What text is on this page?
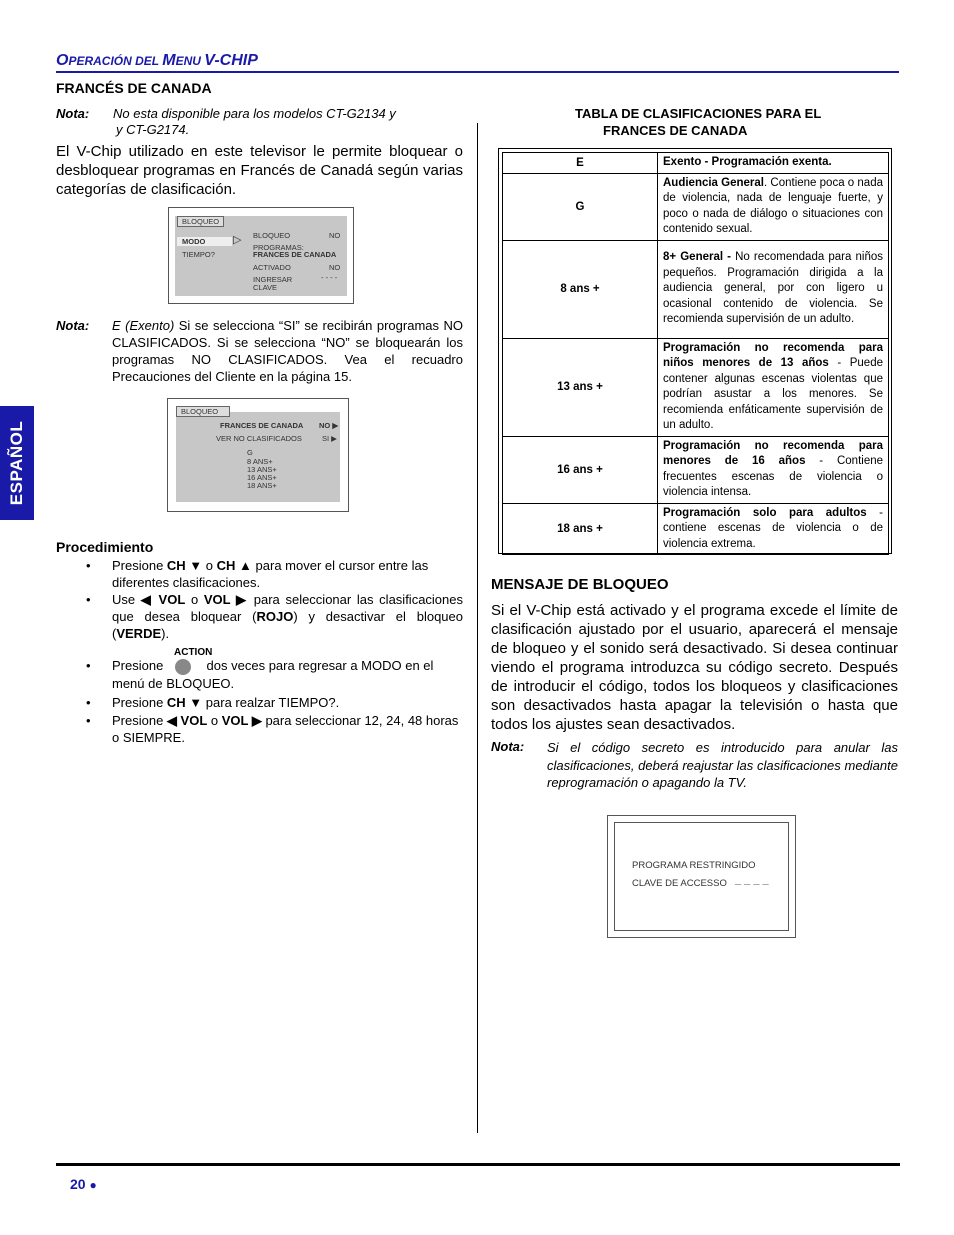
OPERACIÓN DEL MENU V-CHIP
ESPAÑOL
FRANCÉS DE CANADA
Nota: No esta disponible para los modelos CT-G2134 y
y CT-G2174.
El V-Chip utilizado en este televisor le permite bloquear o desbloquear programas en Francés de Canadá según varias categorías de clasificación.
BLOQUEO
MODO	▷
TIEMPO?
BLOQUEO	NO
PROGRAMAS:
FRANCES DE CANADA
ACTIVADO	NO
INGRESAR
CLAVE
- - - -
Nota: E (Exento) Si se selecciona “SI” se recibirán programas NO CLASIFICADOS. Si se selecciona “NO” se bloquearán los programas NO CLASIFICADOS. Vea el recuadro Precauciones del Cliente en la página 15.
BLOQUEO
FRANCES DE CANADA NO ▶
VER NO CLASIFICADOS	SI ▶
G
8 ANS+
13 ANS+
16 ANS+
18 ANS+
Procedimiento
• Presione CH ▼ o CH ▲ para mover el cursor entre las diferentes clasificaciones.
• Use ◀ VOL o VOL ▶ para seleccionar las clasificaciones que desea bloquear (ROJO) y desactivar el bloqueo (VERDE).
ACTION
• Presione	dos veces para regresar a MODO en el menú de BLOQUEO.
• Presione CH ▼ para realzar TIEMPO?.
• Presione ◀ VOL o VOL ▶ para seleccionar 12, 24, 48 horas o SIEMPRE.
TABLA DE CLASIFICACIONES PARA EL
FRANCES DE CANADA
E	Exento - Programación exenta.
G	Audiencia General. Contiene poca o nada de violencia, nada de lenguaje fuerte, y poco o nada de diálogo o situaciones con contenido sexual.
8 ans +	8+ General - No recomendada para niños pequeños. Programación dirigida a la audiencia general, por con ligero u ocasional contenido de violencia. Se recomienda supervisión de un adulto.
13 ans +	Programación no recomenda para niños menores de 13 años - Puede contener algunas escenas violentas que podrían asustar a los menores. Se recomienda enfáticamente supervisión de un adulto.
16 ans +	Programación no recomenda para menores de 16 años - Contiene frecuentes escenas de violencia o violencia intensa.
18 ans +	Programación solo para adultos - contiene escenas de violencia o de violencia extrema.
MENSAJE DE BLOQUEO
Si el V-Chip está activado y el programa excede el límite de clasificación ajustado por el usuario, aparecerá el mensaje de bloqueo y el sonido será desactivado. Si desea continuar viendo el programa introduzca su código secreto. Después de introducir el código, todos los bloqueos y clasificaciones son desactivados hasta apagar la televisión o hasta que todos los ajustes sean desactivados.
Nota: Si el código secreto es introducido para anular las clasificaciones, deberá reajustar las clasificaciones mediante reprogramación o apagando la TV.
PROGRAMA RESTRINGIDO
CLAVE DE ACCESSO _ _ _ _
20 ●
